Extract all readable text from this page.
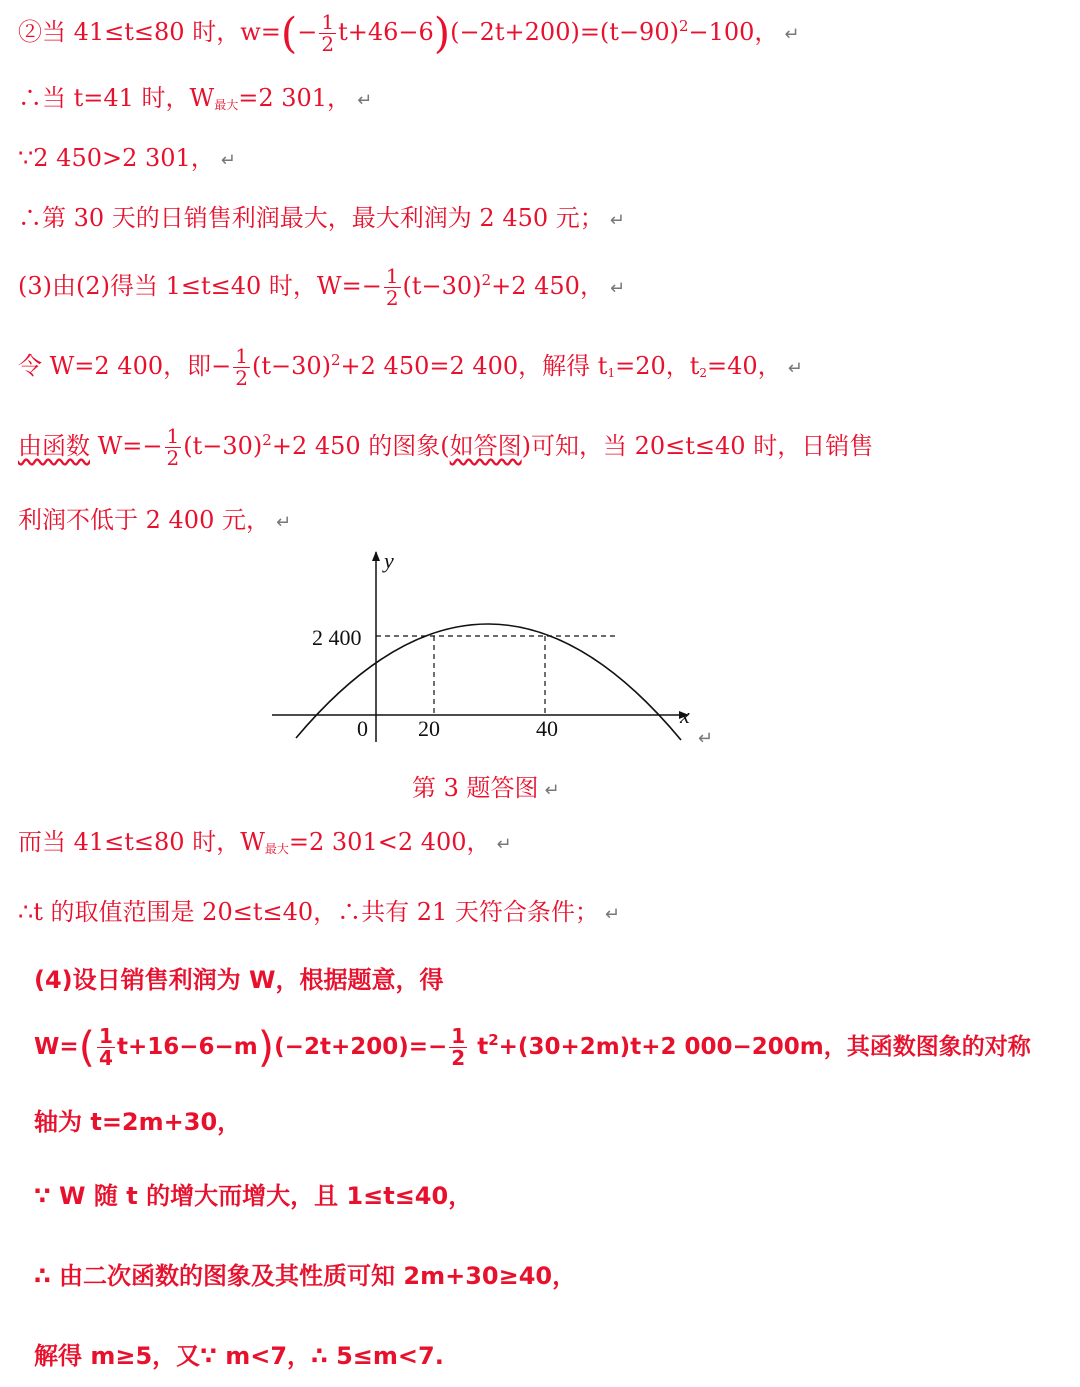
②当 41≤t≤80 时，$w=(- \frac{1}{2} t+46-6)(-2t+200)=(t-90)^2-100$， ↵
∴当 t=41 时，$W_{最大}=2$ 301， ↵
∵2 450>2 301， ↵
∴第 30 天的日销售利润最大，最大利润为 2 450 元； ↵
(3)由(2)得当 1≤t≤40 时，$W=- \frac{1}{2} (t-30)^2+2$ 450， ↵
令 W=2 400，即− $\frac{1}{2} (t-30)^2+2$ 450=2 400，解得 $t_1=20$，$t_2=40$， ↵
由函数 $W=- \frac{1}{2} (t-30)^2+2$ 450 的图象(如答图)可知，当 20≤t≤40 时，日销售
利润不低于 2 400 元， ↵
y
x
0
2 400
20	40	↵
第 3 题答图 ↵
而当 41≤t≤80 时，$W_{最大}=2$ 301<2 400， ↵
∴t 的取值范围是 20≤t≤40，∴共有 21 天符合条件； ↵
(4)设日销售利润为 W，根据题意，得
$W=( \frac{1}{4} t+16-6-m)(-2t+200)=- \frac{1}{2} t^2+(30+2m)t+2$ 000−200m，其函数图象的对称
轴为 t=2m+30，
∵ W 随 t 的增大而增大，且 1≤t≤40，
∴ 由二次函数的图象及其性质可知 2m+30≥40，
解得 m≥5，又∵ m<7，∴ 5≤m<7.
